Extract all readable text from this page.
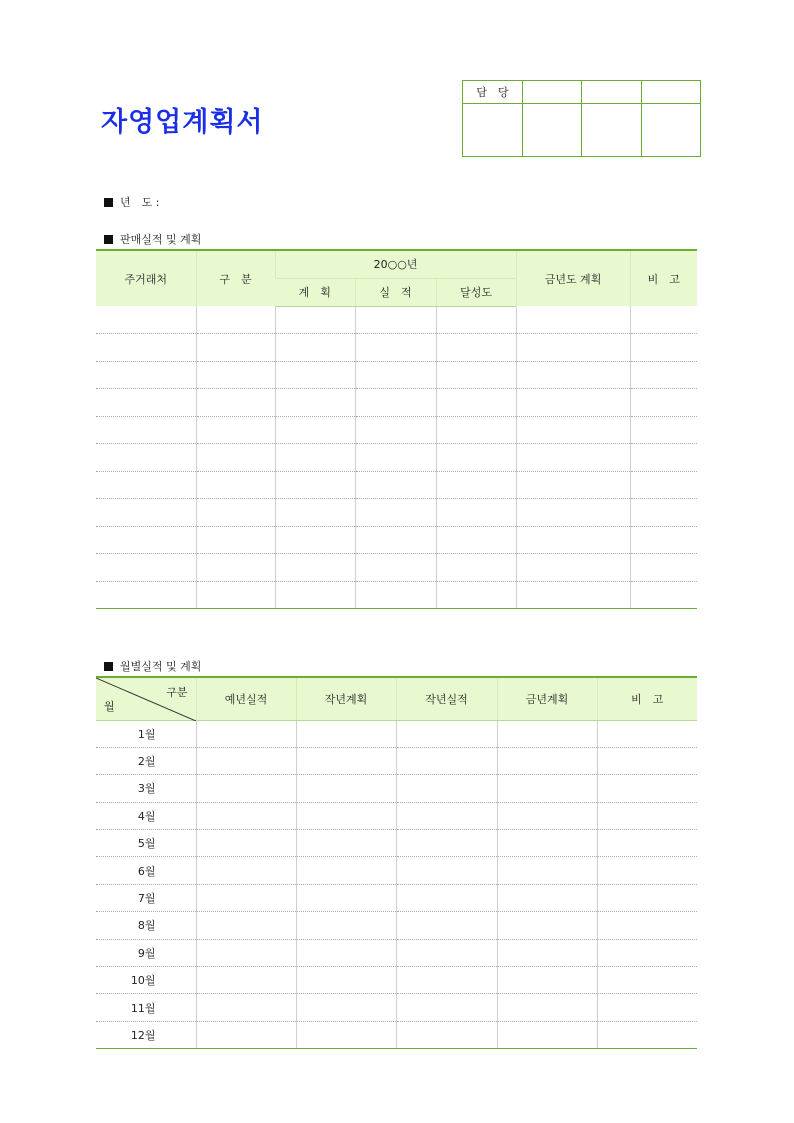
자영업계획서
담　당			

년　도 :
판매실적 및 계획
주거래처	구　분	20○○년			금년도 계획	비　고
		계　획	실　적	달성도		

월별실적 및 계획
구분
월	예년실적	작년계획	작년실적	금년계획	비　고
1월					
2월					
3월					
4월					
5월					
6월					
7월					
8월					
9월					
10월					
11월					
12월					
